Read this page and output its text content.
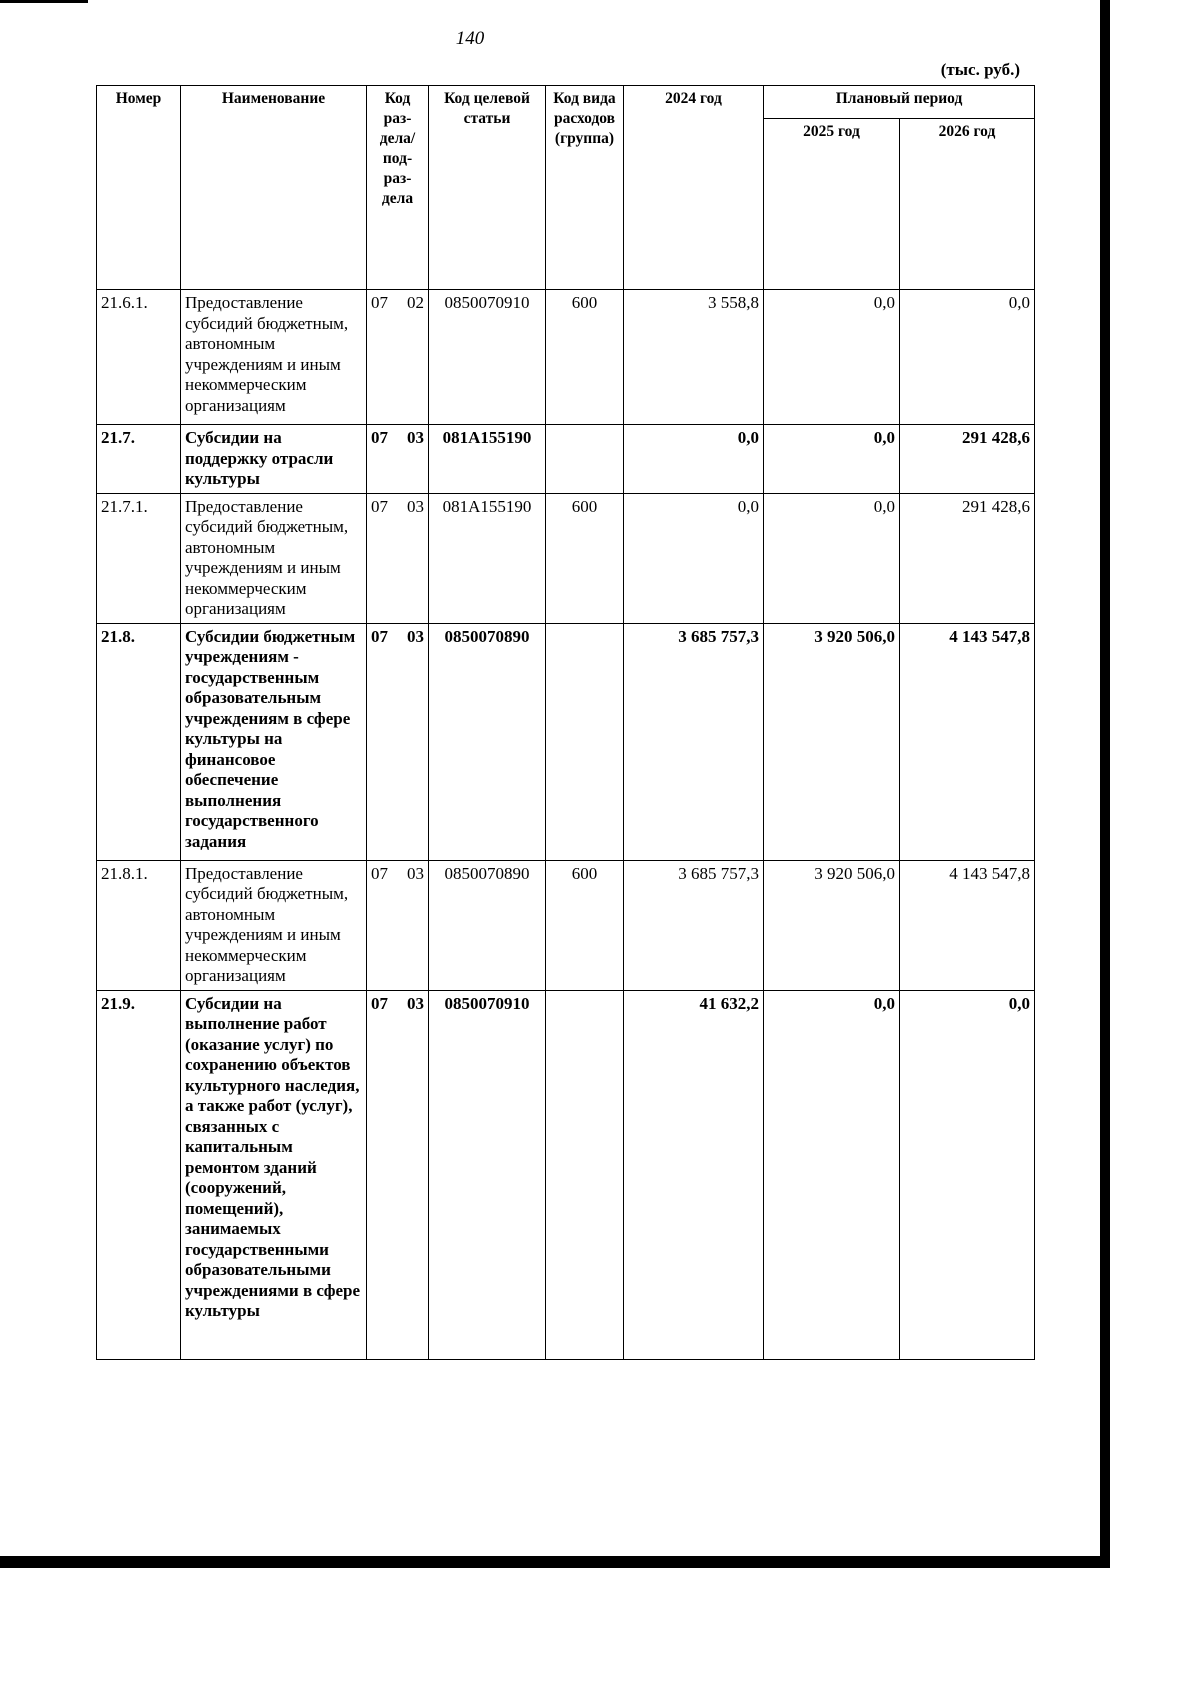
140
(тыс. руб.)
Номер	Наименование	Код раз-дела/ под-раз-дела	Код целевой статьи	Код вида расходов (группа)	2024 год	Плановый период	
						2025 год	2026 год
21.6.1.	Предоставление субсидий бюджетным, автономным учреждениям и иным некоммерческим организациям	07 02	0850070910	600	3 558,8	0,0	0,0
21.7.	Субсидии на поддержку отрасли культуры	07 03	081A155190		0,0	0,0	291 428,6
21.7.1.	Предоставление субсидий бюджетным, автономным учреждениям и иным некоммерческим организациям	07 03	081A155190	600	0,0	0,0	291 428,6
21.8.	Субсидии бюджетным учреждениям - государственным образовательным учреждениям в сфере культуры на финансовое обеспечение выполнения государственного задания	07 03	0850070890		3 685 757,3	3 920 506,0	4 143 547,8
21.8.1.	Предоставление субсидий бюджетным, автономным учреждениям и иным некоммерческим организациям	07 03	0850070890	600	3 685 757,3	3 920 506,0	4 143 547,8
21.9.	Субсидии на выполнение работ (оказание услуг) по сохранению объектов культурного наследия, а также работ (услуг), связанных с капитальным ремонтом зданий (сооружений, помещений), занимаемых государственными образовательными учреждениями в сфере культуры	07 03	0850070910		41 632,2	0,0	0,0
